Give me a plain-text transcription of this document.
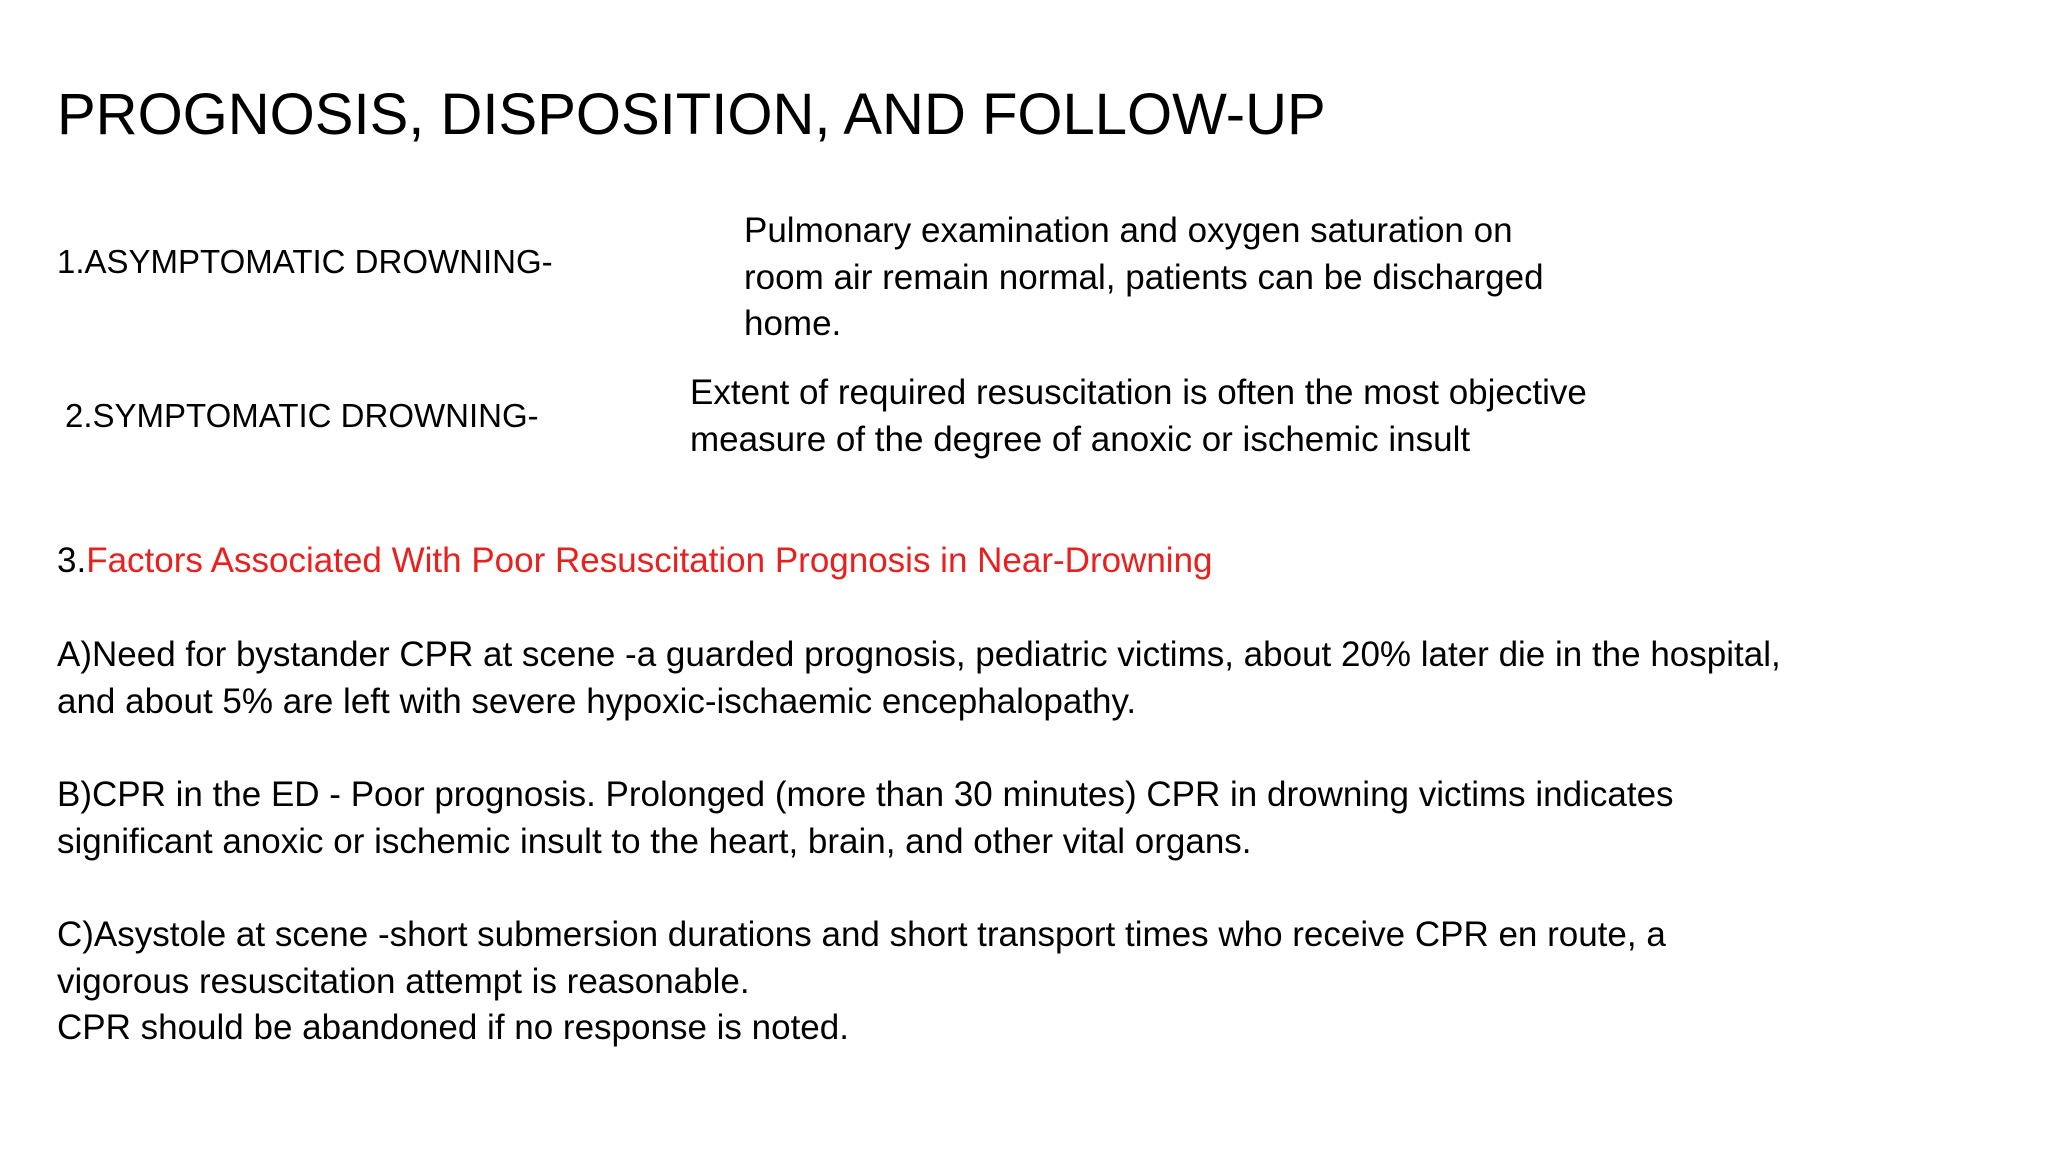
PROGNOSIS, DISPOSITION, AND FOLLOW-UP
1.ASYMPTOMATIC DROWNING-
Pulmonary examination and oxygen saturation on
room air remain normal, patients can be discharged
home.
2.SYMPTOMATIC DROWNING-
Extent of required resuscitation is often the most objective
measure of the degree of anoxic or ischemic insult
3.Factors Associated With Poor Resuscitation Prognosis in Near-Drowning
A)Need for bystander CPR at scene -a guarded prognosis, pediatric victims, about 20% later die in the hospital,
and about 5% are left with severe hypoxic-ischaemic encephalopathy.
B)CPR in the ED - Poor prognosis. Prolonged (more than 30 minutes) CPR in drowning victims indicates
significant anoxic or ischemic insult to the heart, brain, and other vital organs.
C)Asystole at scene -short submersion durations and short transport times who receive CPR en route, a
vigorous resuscitation attempt is reasonable.
CPR should be abandoned if no response is noted.
